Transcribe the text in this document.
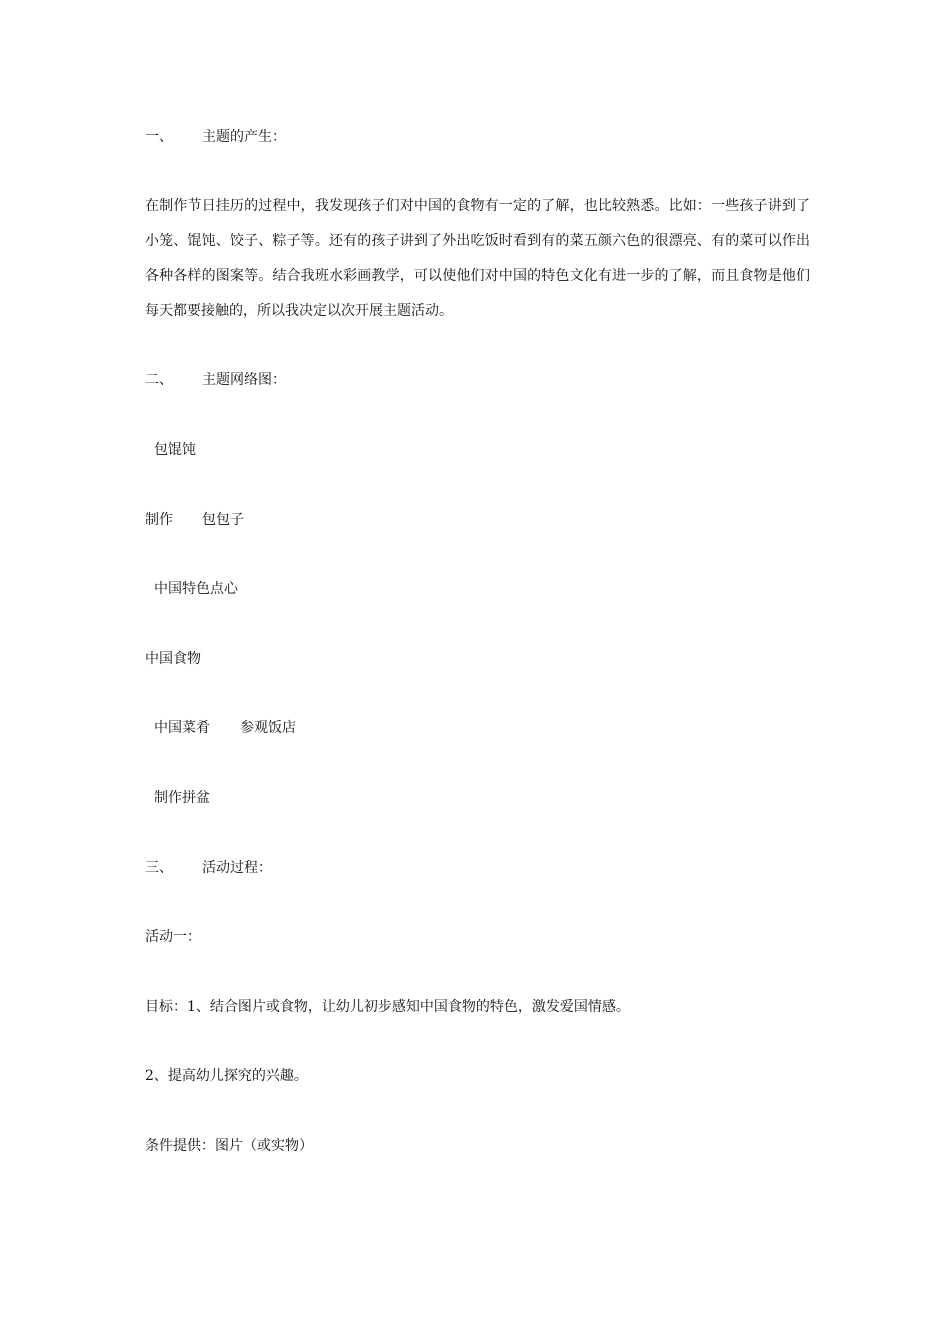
一、 主题的产生：
在制作节日挂历的过程中，我发现孩子们对中国的食物有一定的了解，也比较熟悉。比如：一些孩子讲到了小笼、馄饨、饺子、粽子等。还有的孩子讲到了外出吃饭时看到有的菜五颜六色的很漂亮、有的菜可以作出各种各样的图案等。结合我班水彩画教学，可以使他们对中国的特色文化有进一步的了解，而且食物是他们每天都要接触的，所以我决定以次开展主题活动。
二、 主题网络图：
包馄饨
制作 包包子
中国特色点心
中国食物
中国菜肴 参观饭店
制作拼盆
三、 活动过程：
活动一：
目标：1、结合图片或食物，让幼儿初步感知中国食物的特色，激发爱国情感。
2、提高幼儿探究的兴趣。
条件提供：图片（或实物）
